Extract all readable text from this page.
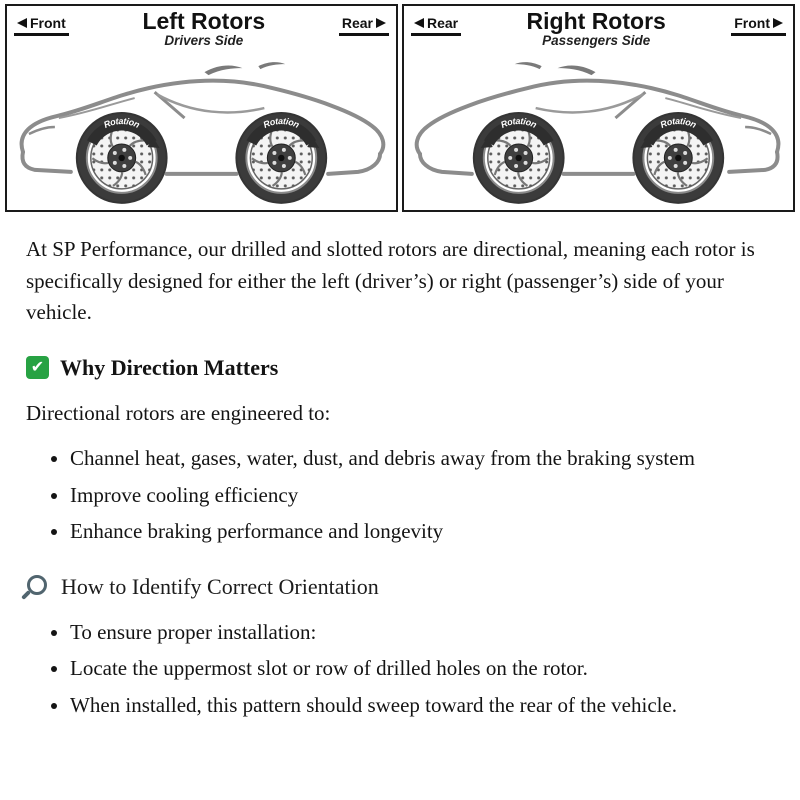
Front	Left Rotors
Drivers Side
Rear
Rotation	Rotation
Rear	Right Rotors
Passengers Side
Front
Rotation	Rotation

At SP Performance, our drilled and slotted rotors are directional, meaning each rotor is specifically designed for either the left (driver’s) or right (passenger’s) side of your vehicle.

✔ Why Direction Matters

Directional rotors are engineered to:

• Channel heat, gases, water, dust, and debris away from the braking system
• Improve cooling efficiency
• Enhance braking performance and longevity
How to Identify Correct Orientation
• To ensure proper installation:
• Locate the uppermost slot or row of drilled holes on the rotor.
• When installed, this pattern should sweep toward the rear of the vehicle.
